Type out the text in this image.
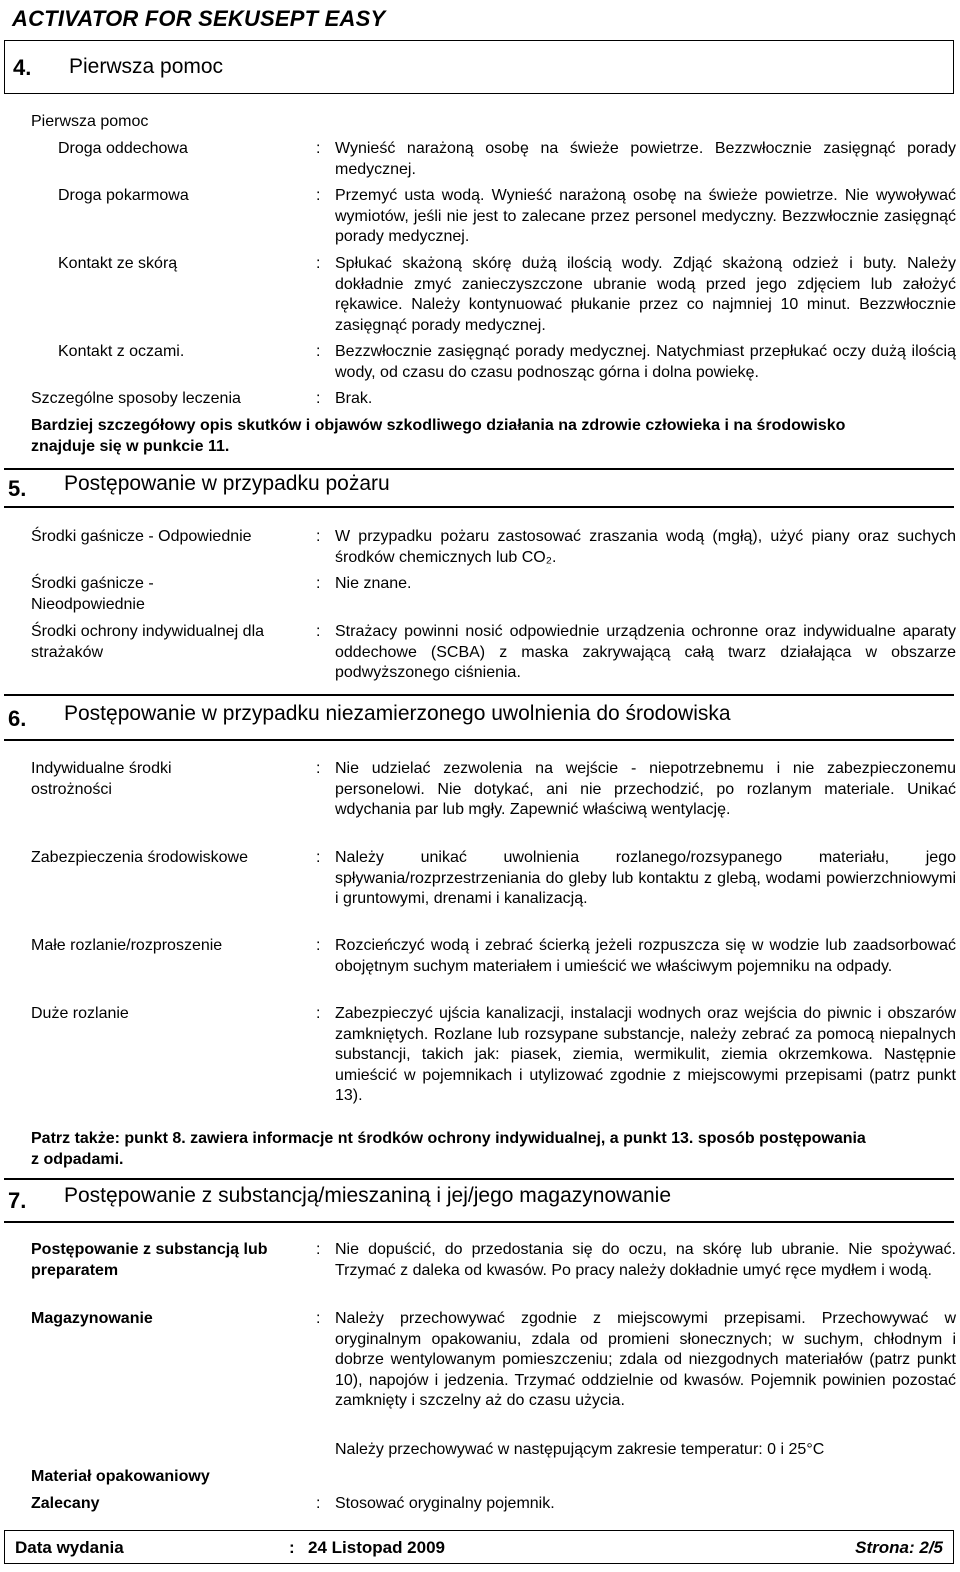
ACTIVATOR FOR SEKUSEPT EASY
4. Pierwsza pomoc
Pierwsza pomoc
Droga oddechowa	: Wynieść narażoną osobę na świeże powietrze. Bezzwłocznie zasięgnąć porady medycznej.
Droga pokarmowa	: Przemyć usta wodą. Wynieść narażoną osobę na świeże powietrze. Nie wywoływać wymiotów, jeśli nie jest to zalecane przez personel medyczny. Bezzwłocznie zasięgnąć porady medycznej.
Kontakt ze skórą	: Spłukać skażoną skórę dużą ilością wody. Zdjąć skażoną odzież i buty. Należy dokładnie zmyć zanieczyszczone ubranie wodą przed jego zdjęciem lub założyć rękawice. Należy kontynuować płukanie przez co najmniej 10 minut. Bezzwłocznie zasięgnąć porady medycznej.
Kontakt z oczami.	: Bezzwłocznie zasięgnąć porady medycznej. Natychmiast przepłukać oczy dużą ilością wody, od czasu do czasu podnosząc górna i dolna powiekę.
Szczególne sposoby leczenia	: Brak.
Bardziej szczegółowy opis skutków i objawów szkodliwego działania na zdrowie człowieka i na środowisko znajduje się w punkcie 11.
5. Postępowanie w przypadku pożaru
Środki gaśnicze - Odpowiednie	: W przypadku pożaru zastosować zraszania wodą (mgłą), użyć piany oraz suchych środków chemicznych lub CO₂.
Środki gaśnicze - Nieodpowiednie
: Nie znane.
Środki ochrony indywidualnej dla strażaków
: Strażacy powinni nosić odpowiednie urządzenia ochronne oraz indywidualne aparaty oddechowe (SCBA) z maska zakrywającą całą twarz działająca w obszarze podwyższonego ciśnienia.
6. Postępowanie w przypadku niezamierzonego uwolnienia do środowiska
Indywidualne środki ostrożności
: Nie udzielać zezwolenia na wejście - niepotrzebnemu i nie zabezpieczonemu personelowi. Nie dotykać, ani nie przechodzić, po rozlanym materiale. Unikać wdychania par lub mgły. Zapewnić właściwą wentylację.
Zabezpieczenia środowiskowe	: Należy unikać uwolnienia rozlanego/rozsypanego materiału, jego spływania/rozprzestrzeniania do gleby lub kontaktu z glebą, wodami powierzchniowymi i gruntowymi, drenami i kanalizacją.
Małe rozlanie/rozproszenie	: Rozcieńczyć wodą i zebrać ścierką jeżeli rozpuszcza się w wodzie lub zaadsorbować obojętnym suchym materiałem i umieścić we właściwym pojemniku na odpady.
Duże rozlanie	: Zabezpieczyć ujścia kanalizacji, instalacji wodnych oraz wejścia do piwnic i obszarów zamkniętych. Rozlane lub rozsypane substancje, należy zebrać za pomocą niepalnych substancji, takich jak: piasek, ziemia, wermikulit, ziemia okrzemkowa. Następnie umieścić w pojemnikach i utylizować zgodnie z miejscowymi przepisami (patrz punkt 13).
Patrz także: punkt 8. zawiera informacje nt środków ochrony indywidualnej, a punkt 13. sposób postępowania z odpadami.
7. Postępowanie z substancją/mieszaniną i jej/jego magazynowanie
Postępowanie z substancją lub preparatem
: Nie dopuścić, do przedostania się do oczu, na skórę lub ubranie. Nie spożywać. Trzymać z daleka od kwasów. Po pracy należy dokładnie umyć ręce mydłem i wodą.
Magazynowanie	: Należy przechowywać zgodnie z miejscowymi przepisami. Przechowywać w oryginalnym opakowaniu, zdala od promieni słonecznych; w suchym, chłodnym i dobrze wentylowanym pomieszczeniu; zdala od niezgodnych materiałów (patrz punkt 10), napojów i jedzenia. Trzymać oddzielnie od kwasów. Pojemnik powinien pozostać zamknięty i szczelny aż do czasu użycia.
Należy przechowywać w następującym zakresie temperatur: 0 i 25°C
Materiał opakowaniowy
Zalecany	: Stosować oryginalny pojemnik.
Data wydania	: 24 Listopad 2009	Strona: 2/5
